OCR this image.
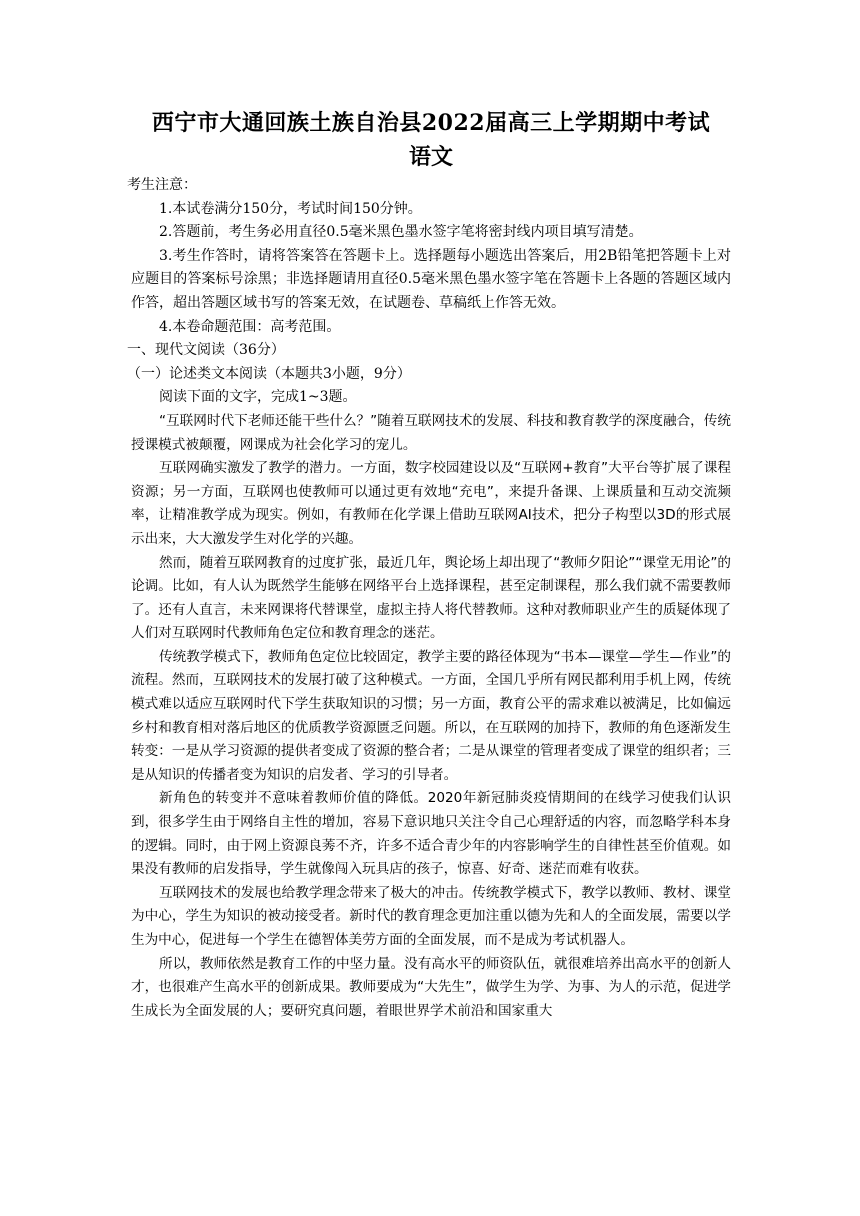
西宁市大通回族土族自治县2022届高三上学期期中考试
语文

考生注意：

1.本试卷满分150分，考试时间150分钟。

2.答题前，考生务必用直径0.5毫米黑色墨水签字笔将密封线内项目填写清楚。

3.考生作答时，请将答案答在答题卡上。选择题每小题选出答案后，用2B铅笔把答题卡上对应题目的答案标号涂黑；非选择题请用直径0.5毫米黑色墨水签字笔在答题卡上各题的答题区域内作答，超出答题区域书写的答案无效，在试题卷、草稿纸上作答无效。

4.本卷命题范围：高考范围。

一、现代文阅读（36分）

（一）论述类文本阅读（本题共3小题，9分）

阅读下面的文字，完成1~3题。

“互联网时代下老师还能干些什么？”随着互联网技术的发展、科技和教育教学的深度融合，传统授课模式被颠覆，网课成为社会化学习的宠儿。

互联网确实激发了教学的潜力。一方面，数字校园建设以及“互联网+教育”大平台等扩展了课程资源；另一方面，互联网也使教师可以通过更有效地“充电”，来提升备课、上课质量和互动交流频率，让精准教学成为现实。例如，有教师在化学课上借助互联网AI技术，把分子构型以3D的形式展示出来，大大激发学生对化学的兴趣。

然而，随着互联网教育的过度扩张，最近几年，舆论场上却出现了“教师夕阳论”“课堂无用论”的论调。比如，有人认为既然学生能够在网络平台上选择课程，甚至定制课程，那么我们就不需要教师了。还有人直言，未来网课将代替课堂，虚拟主持人将代替教师。这种对教师职业产生的质疑体现了人们对互联网时代教师角色定位和教育理念的迷茫。

传统教学模式下，教师角色定位比较固定，教学主要的路径体现为“书本—课堂—学生—作业”的流程。然而，互联网技术的发展打破了这种模式。一方面，全国几乎所有网民都利用手机上网，传统模式难以适应互联网时代下学生获取知识的习惯；另一方面，教育公平的需求难以被满足，比如偏远乡村和教育相对落后地区的优质教学资源匮乏问题。所以，在互联网的加持下，教师的角色逐渐发生转变：一是从学习资源的提供者变成了资源的整合者；二是从课堂的管理者变成了课堂的组织者；三是从知识的传播者变为知识的启发者、学习的引导者。

新角色的转变并不意味着教师价值的降低。2020年新冠肺炎疫情期间的在线学习使我们认识到，很多学生由于网络自主性的增加，容易下意识地只关注令自己心理舒适的内容，而忽略学科本身的逻辑。同时，由于网上资源良莠不齐，许多不适合青少年的内容影响学生的自律性甚至价值观。如果没有教师的启发指导，学生就像闯入玩具店的孩子，惊喜、好奇、迷茫而难有收获。

互联网技术的发展也给教学理念带来了极大的冲击。传统教学模式下，教学以教师、教材、课堂为中心，学生为知识的被动接受者。新时代的教育理念更加注重以德为先和人的全面发展，需要以学生为中心，促进每一个学生在德智体美劳方面的全面发展，而不是成为考试机器人。

所以，教师依然是教育工作的中坚力量。没有高水平的师资队伍，就很难培养出高水平的创新人才，也很难产生高水平的创新成果。教师要成为“大先生”，做学生为学、为事、为人的示范，促进学生成长为全面发展的人；要研究真问题，着眼世界学术前沿和国家重大
